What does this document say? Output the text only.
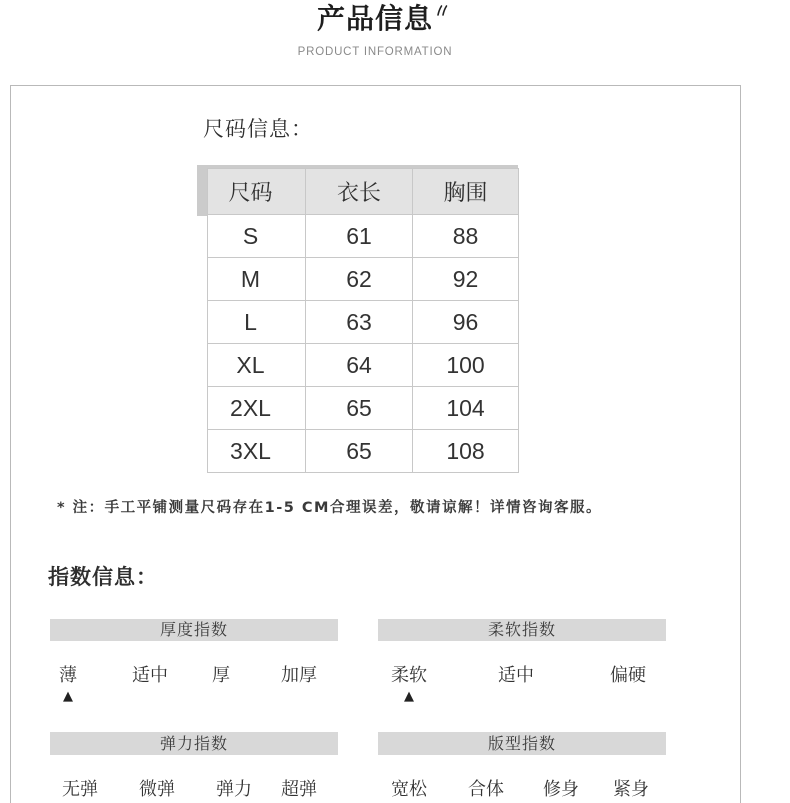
产品信息
PRODUCT INFORMATION
尺码信息：
尺码	衣长	胸围
S	61	88
M	62	92
L	63	96
XL	64	100
2XL	65	104
3XL	65	108
* 注：手工平铺测量尺码存在1-5 CM合理误差，敬请谅解！详情咨询客服。
指数信息：
厚度指数
薄	适中 厚	加厚
▲
柔软指数
柔软	适中	偏硬
▲
弹力指数
无弹 微弹 弹力 超弹
版型指数
宽松 合体 修身 紧身
